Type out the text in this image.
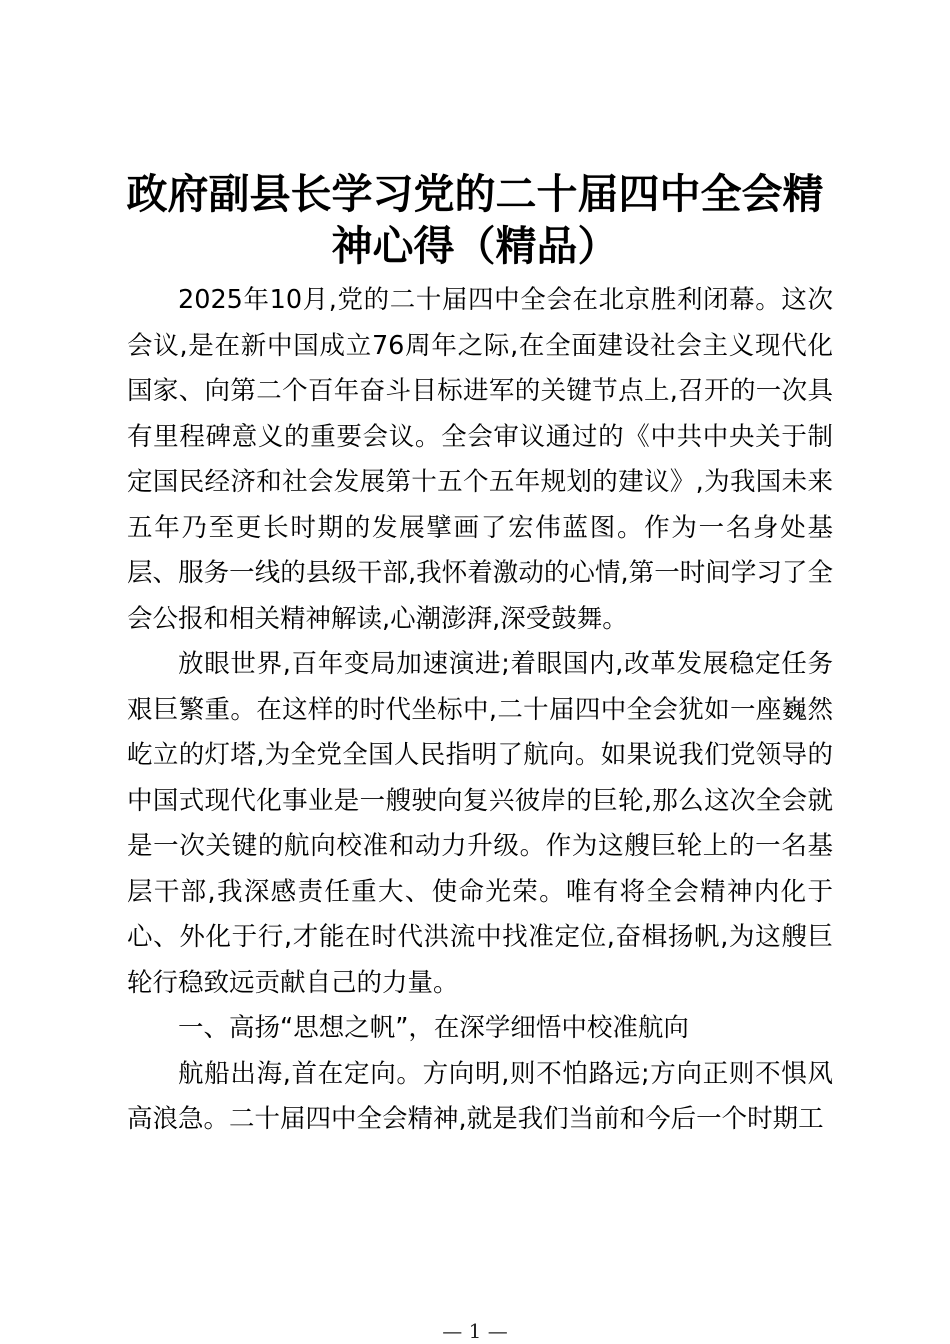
政府副县长学习党的二十届四中全会精神心得（精品）

2025年10月,党的二十届四中全会在北京胜利闭幕。这次会议,是在新中国成立76周年之际,在全面建设社会主义现代化国家、向第二个百年奋斗目标进军的关键节点上,召开的一次具有里程碑意义的重要会议。全会审议通过的《中共中央关于制定国民经济和社会发展第十五个五年规划的建议》,为我国未来五年乃至更长时期的发展擘画了宏伟蓝图。作为一名身处基层、服务一线的县级干部,我怀着激动的心情,第一时间学习了全会公报和相关精神解读,心潮澎湃,深受鼓舞。

放眼世界,百年变局加速演进;着眼国内,改革发展稳定任务艰巨繁重。在这样的时代坐标中,二十届四中全会犹如一座巍然屹立的灯塔,为全党全国人民指明了航向。如果说我们党领导的中国式现代化事业是一艘驶向复兴彼岸的巨轮,那么这次全会就是一次关键的航向校准和动力升级。作为这艘巨轮上的一名基层干部,我深感责任重大、使命光荣。唯有将全会精神内化于心、外化于行,才能在时代洪流中找准定位,奋楫扬帆,为这艘巨轮行稳致远贡献自己的力量。

一、高扬“思想之帆”，在深学细悟中校准航向

航船出海,首在定向。方向明,则不怕路远;方向正则不惧风高浪急。二十届四中全会精神,就是我们当前和今后一个时期工

— 1 —
